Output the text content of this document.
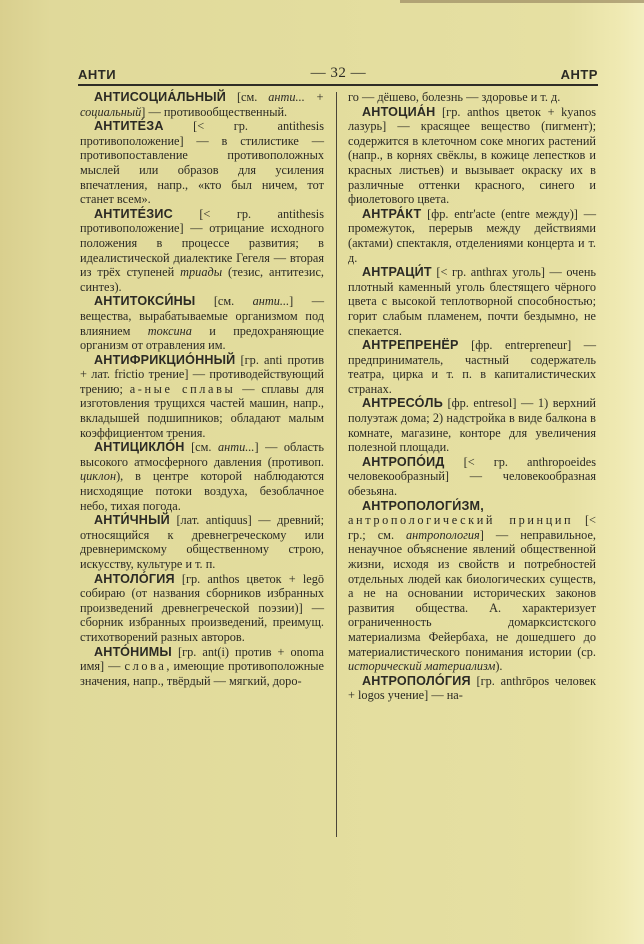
АНТИ	— 32 —	АНТР

АНТИСОЦИА́ЛЬНЫЙ [см. анти... + социальный] — противообщественный.

АНТИТЕ́ЗА [< гр. antithesis противоположение] — в стилистике — противопоставление противоположных мыслей или образов для усиления впечатления, напр., «кто был ничем, тот станет всем».

АНТИТЕ́ЗИС [< гр. antithesis противоположение] — отрицание исходного положения в процессе развития; в идеалистической диалектике Гегеля — вторая из трёх ступеней триады (тезис, антитезис, синтез).

АНТИТОКСИ́НЫ [см. анти...] — вещества, вырабатываемые организмом под влиянием токсина и предохраняющие организм от отравления им.

АНТИФРИКЦИО́ННЫЙ [гр. anti против + лат. frictio трение] — противодействующий трению; а-ные сплавы — сплавы для изготовления трущихся частей машин, напр., вкладышей подшипников; обладают малым коэффициентом трения.

АНТИЦИКЛО́Н [см. анти...] — область высокого атмосферного давления (противоп. циклон), в центре которой наблюдаются нисходящие потоки воздуха, безоблачное небо, тихая погода.

АНТИ́ЧНЫЙ [лат. antiquus] — древний; относящийся к древнегреческому или древнеримскому общественному строю, искусству, культуре и т. п.

АНТОЛО́ГИЯ [гр. anthos цветок + legō собираю (от названия сборников избранных произведений древнегреческой поэзии)] — сборник избранных произведений, преимущ. стихотворений разных авторов.

АНТО́НИМЫ [гр. ant(i) против + onoma имя] — слова, имеющие противоположные значения, напр., твёрдый — мягкий, доро-

го — дёшево, болезнь — здоровье и т. д.

АНТОЦИА́Н [гр. anthos цветок + kyanos лазурь] — красящее вещество (пигмент); содержится в клеточном соке многих растений (напр., в корнях свёклы, в кожице лепестков и красных листьев) и вызывает окраску их в различные оттенки красного, синего и фиолетового цвета.

АНТРА́КТ [фр. entr'acte (entre между)] — промежуток, перерыв между действиями (актами) спектакля, отделениями концерта и т. д.

АНТРАЦИ́Т [< гр. anthrax уголь] — очень плотный каменный уголь блестящего чёрного цвета с высокой теплотворной способностью; горит слабым пламенем, почти бездымно, не спекается.

АНТРЕПРЕНЁР [фр. entrepreneur] — предприниматель, частный содержатель театра, цирка и т. п. в капиталистических странах.

АНТРЕСО́ЛЬ [фр. entresol] — 1) верхний полуэтаж дома; 2) надстройка в виде балкона в комнате, магазине, конторе для увеличения полезной площади.

АНТРОПО́ИД [< гр. anthropoeides человекообразный] — человекообразная обезьяна.

АНТРОПОЛОГИ́ЗМ, антропологический принцип [< гр.; см. антропология] — неправильное, ненаучное объяснение явлений общественной жизни, исходя из свойств и потребностей отдельных людей как биологических существ, а не на основании исторических законов развития общества. А. характеризует ограниченность домарксистского материализма Фейербаха, не дошедшего до материалистического понимания истории (ср. исторический материализм).

АНТРОПОЛО́ГИЯ [гр. anthrōpos человек + logos учение] — на-
